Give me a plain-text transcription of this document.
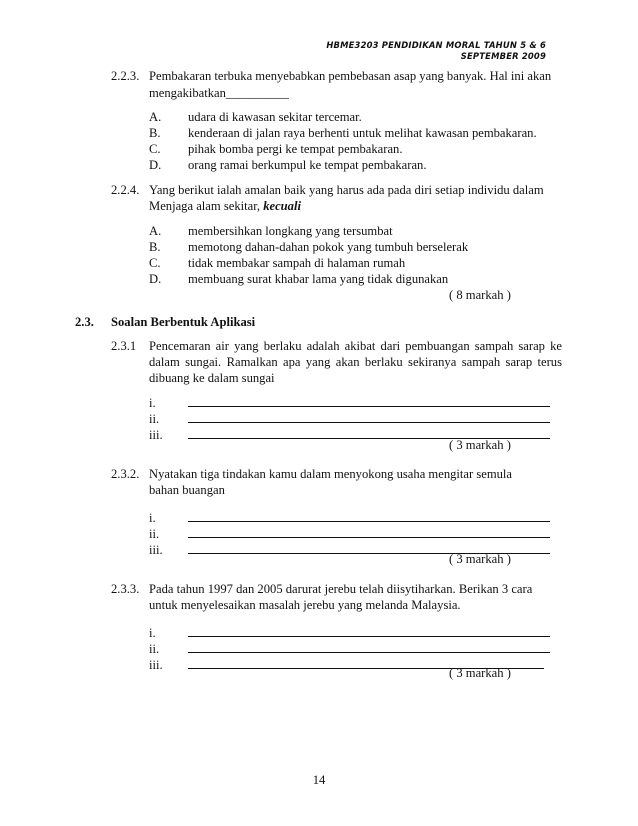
HBME3203 PENDIDIKAN MORAL TAHUN 5 & 6
SEPTEMBER 2009
2.2.3. Pembakaran terbuka menyebabkan pembebasan asap yang banyak. Hal ini akan
mengakibatkan__________
A. udara di kawasan sekitar tercemar.
B. kenderaan di jalan raya berhenti untuk melihat kawasan pembakaran.
C. pihak bomba pergi ke tempat pembakaran.
D. orang ramai berkumpul ke tempat pembakaran.
2.2.4. Yang berikut ialah amalan baik yang harus ada pada diri setiap individu dalam
Menjaga alam sekitar, kecuali
A. membersihkan longkang yang tersumbat
B. memotong dahan-dahan pokok yang tumbuh berselerak
C. tidak membakar sampah di halaman rumah
D. membuang surat khabar lama yang tidak digunakan
( 8 markah )
2.3. Soalan Berbentuk Aplikasi
2.3.1 Pencemaran air yang berlaku adalah akibat dari pembuangan sampah sarap ke
dalam sungai. Ramalkan apa yang akan berlaku sekiranya sampah sarap terus
dibuang ke dalam sungai
i.
ii.
iii.
( 3 markah )
2.3.2. Nyatakan tiga tindakan kamu dalam menyokong usaha mengitar semula
bahan buangan
i.
ii.
iii.
( 3 markah )
2.3.3. Pada tahun 1997 dan 2005 darurat jerebu telah diisytiharkan. Berikan 3 cara
untuk menyelesaikan masalah jerebu yang melanda Malaysia.
i.
ii.
iii.
( 3 markah )
14
